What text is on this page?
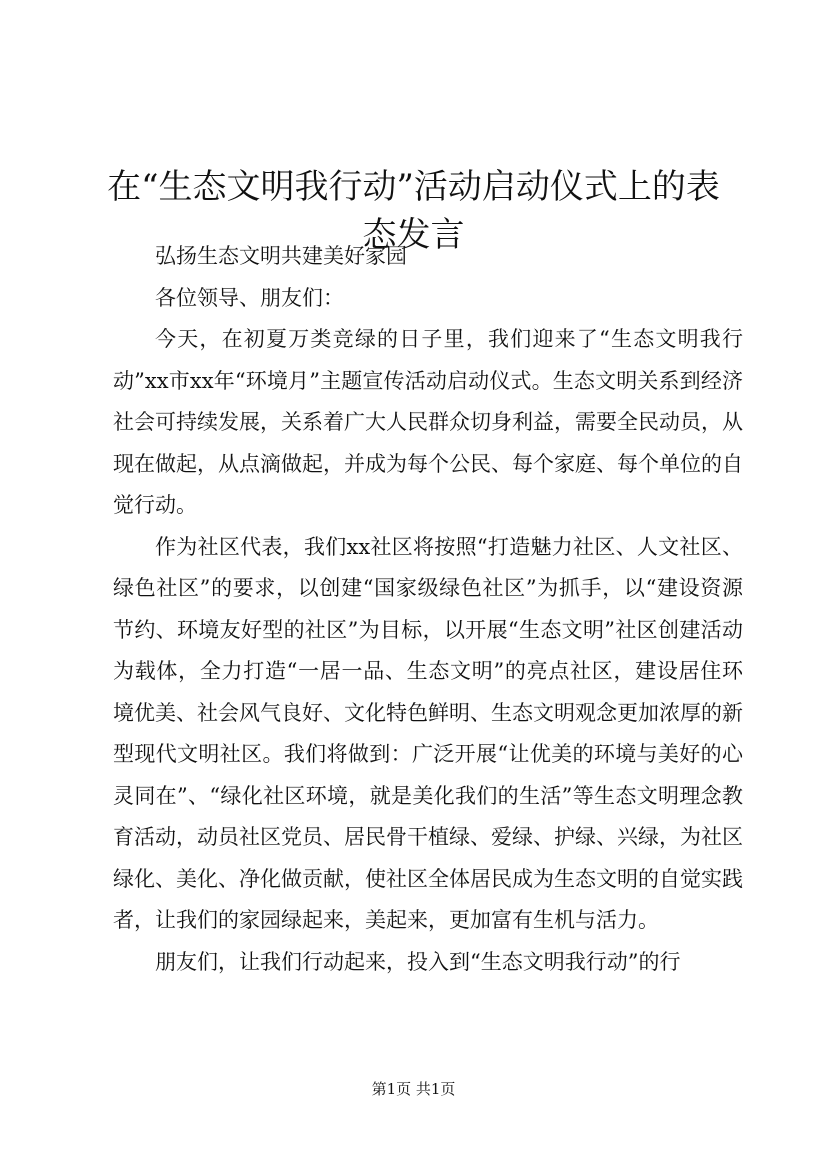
在“生态文明我行动”活动启动仪式上的表态发言

弘扬生态文明共建美好家园

各位领导、朋友们：

今天，在初夏万类竞绿的日子里，我们迎来了“生态文明我行动”xx市xx年“环境月”主题宣传活动启动仪式。生态文明关系到经济社会可持续发展，关系着广大人民群众切身利益，需要全民动员，从现在做起，从点滴做起，并成为每个公民、每个家庭、每个单位的自觉行动。

作为社区代表，我们xx社区将按照“打造魅力社区、人文社区、绿色社区”的要求，以创建“国家级绿色社区”为抓手，以“建设资源节约、环境友好型的社区”为目标，以开展“生态文明”社区创建活动为载体，全力打造“一居一品、生态文明”的亮点社区，建设居住环境优美、社会风气良好、文化特色鲜明、生态文明观念更加浓厚的新型现代文明社区。我们将做到：广泛开展“让优美的环境与美好的心灵同在”、“绿化社区环境，就是美化我们的生活”等生态文明理念教育活动，动员社区党员、居民骨干植绿、爱绿、护绿、兴绿，为社区绿化、美化、净化做贡献，使社区全体居民成为生态文明的自觉实践者，让我们的家园绿起来，美起来，更加富有生机与活力。

朋友们，让我们行动起来，投入到“生态文明我行动”的行

第1页 共1页
